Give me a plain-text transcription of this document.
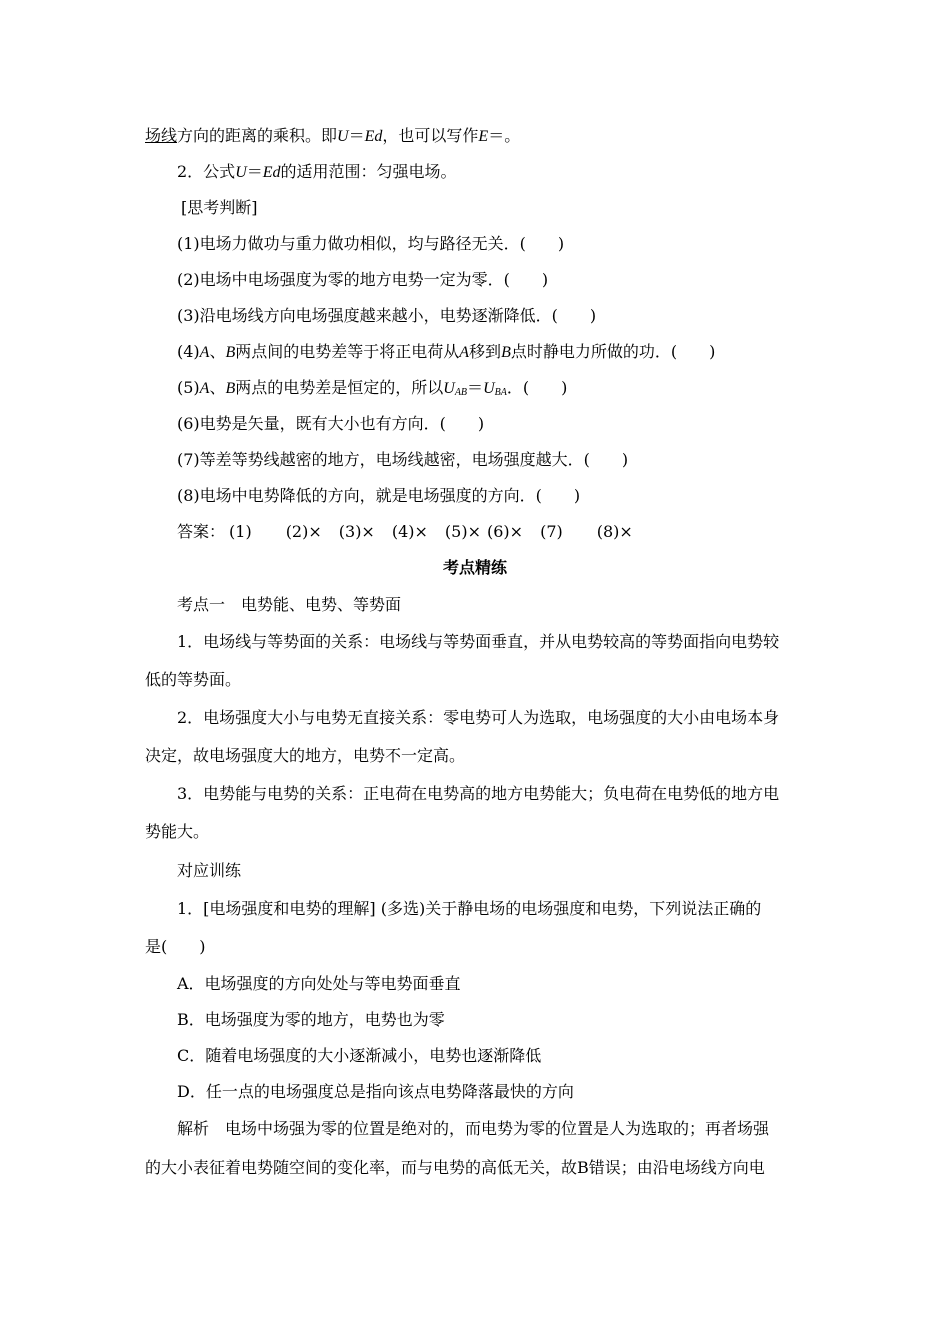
场线方向的距离的乘积。即U＝Ed，也可以写作E＝。
2．公式U＝Ed的适用范围：匀强电场。
[思考判断]
(1)电场力做功与重力做功相似，均与路径无关．(　　)
(2)电场中电场强度为零的地方电势一定为零．(　　)
(3)沿电场线方向电场强度越来越小，电势逐渐降低．(　　)
(4)A、B两点间的电势差等于将正电荷从A移到B点时静电力所做的功．(　　)
(5)A、B两点的电势差是恒定的，所以$U_{AB}=U_{BA}$．(　　)
(6)电势是矢量，既有大小也有方向．(　　)
(7)等差等势线越密的地方，电场线越密，电场强度越大．(　　)
(8)电场中电势降低的方向，就是电场强度的方向．(　　)
答案： (1) (2)× (3)× (4)× (5)× (6)× (7) (8)×
考点精练
考点一　电势能、电势、等势面
1．电场线与等势面的关系：电场线与等势面垂直，并从电势较高的等势面指向电势较
低的等势面。
2．电场强度大小与电势无直接关系：零电势可人为选取，电场强度的大小由电场本身
决定，故电场强度大的地方，电势不一定高。
3．电势能与电势的关系：正电荷在电势高的地方电势能大；负电荷在电势低的地方电
势能大。
对应训练
1．[电场强度和电势的理解] (多选)关于静电场的电场强度和电势，下列说法正确的
是(　　)
A．电场强度的方向处处与等电势面垂直
B．电场强度为零的地方，电势也为零
C．随着电场强度的大小逐渐减小，电势也逐渐降低
D．任一点的电场强度总是指向该点电势降落最快的方向
解析　电场中场强为零的位置是绝对的，而电势为零的位置是人为选取的；再者场强
的大小表征着电势随空间的变化率，而与电势的高低无关，故B错误；由沿电场线方向电
